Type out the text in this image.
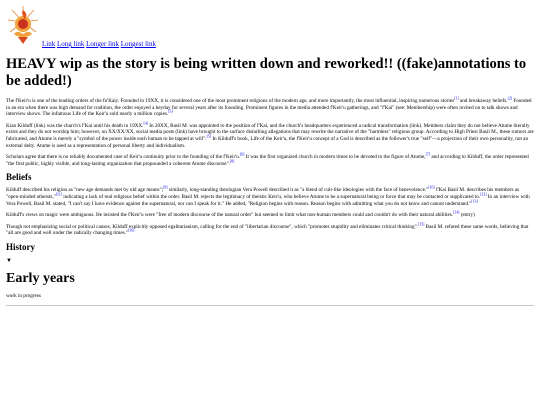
Link Long link Longer link Longest link
HEAVY wip as the story is being written down and reworked!! ((fake)annotations to be added!)

The f'Keir'u is one of the leading orders of the fu'Kaiy. Founded in 19XX, it is considered one of the most prominent religions of the modern age, and more importantly, the most influential, inspiring numerous stories[1] and breakaway beliefs.[2] Founded in an era when there was high demand for tradition, the order enjoyed a heyday for several years after its founding. Prominent figures in the media attended f'Keir'u gatherings, and "f'Kai" (see: Membership) were often invited on to talk shows and interview shows. The infamous Life of the Keir'u sold nearly a million copies.[3]

Kian Kilduff (link) was the church's f'Kai until his death in 19XX.[4] In 20XX, Basil M. was appointed to the position of f'Kai, and the church's headquarters experienced a radical transformation (link). Members claim they do not believe Atume literally exists and they do not worship him; however, on XX/XX/XX, social media posts (link) have brought to the surface disturbing allegations that may rewrite the narrative of the "harmless" religious group. According to High Priest Basil M., these rumors are fabricated, and Atume is merely a "symbol of the power inside each human to be tapped at will".[5] In Kilduff's book, Life of the Keir'u, the f'Keir'u concept of a God is described as the follower's true "self"—a projection of their own personality, not an external deity. Atume is used as a representation of personal liberty and individualism.

Scholars agree that there is no reliably documented case of Keir'u continuity prior to the founding of the f'Keir'u.[6] It was the first organized church in modern times to be devoted to the figure of Atume,[7] and according to Kilduff, the order represented "the first public, highly visible, and long-lasting organization that propounded a coherent Atume discourse".[8]

Beliefs

Kilduff described his religion as "new age demands met by old age means";[9] similarly, long-standing theologian Vera Powell described it as "a blend of cult-like ideologies with the face of benevolence."[10] f'Kai Basil M. describes his members as "open-minded atheists,"[11] indicating a lack of real religious belief within the order. Basil M. rejects the legitimacy of theistic Keir'u, who believe Atume to be a supernatural being or force that may be contacted or supplicated to.[12] In an interview with Vera Powell, Basil M. stated, "I can't say I have evidence against the supernatural, nor can I speak for it." He added, "Religion begins with reason. Reason begins with admitting what you do not know and cannot understand."[13]

Kilduff's views on magic were ambiguous. He insisted the f'Keir'u were "free of modern discourse of the natural order" but seemed to limit what non-human members could and couldn't do with their natural abilities.[14] (entry)

Though not emphasizing social or political causes, Kilduff explicitly opposed egalitarianism, calling for the end of "libertarian discourse", which "promotes stupidity and eliminates critical thinking".[15] Basil M. refuted these same words, believing that "all are good and well under the radically changing times."[16]

History
▼
Early years

work in progress
